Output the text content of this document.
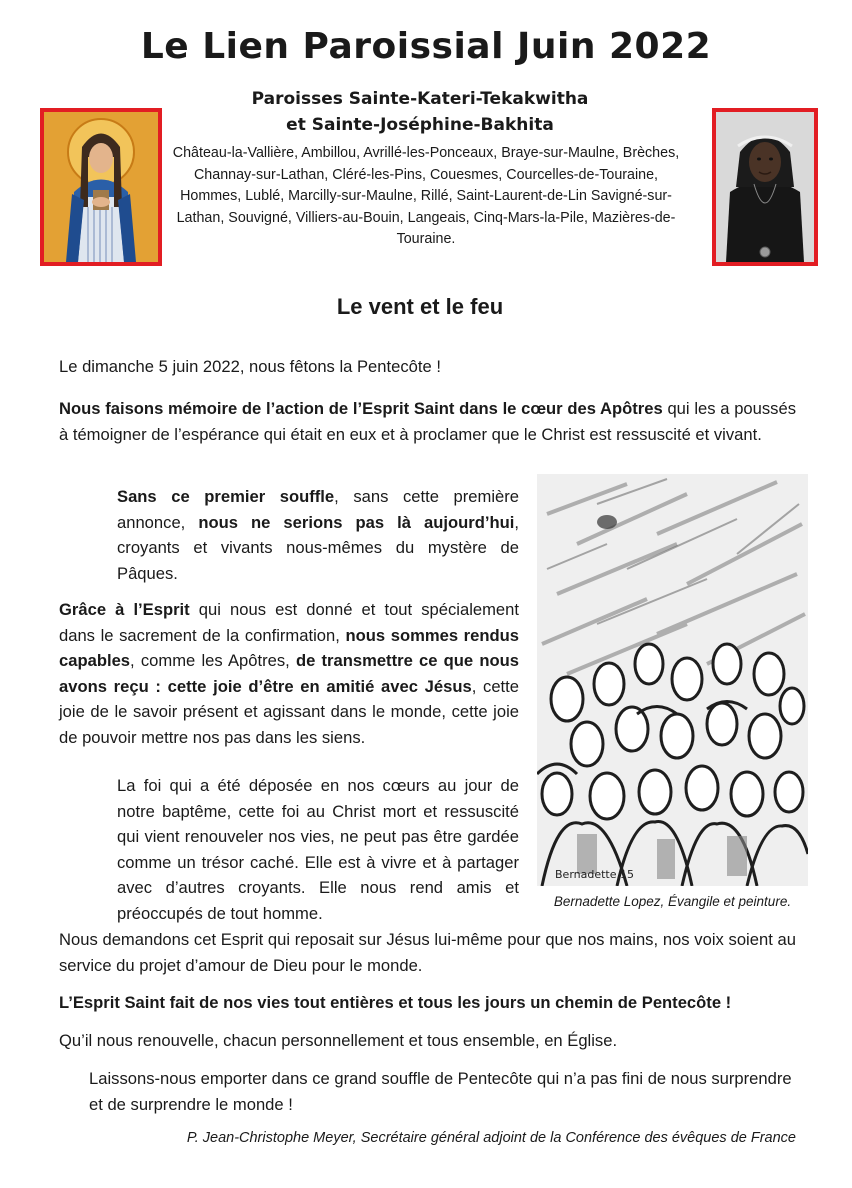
Le Lien Paroissial Juin 2022
Paroisses Sainte-Kateri-Tekakwitha
et Sainte-Joséphine-Bakhita
Château-la-Vallière, Ambillou, Avrillé-les-Ponceaux, Braye-sur-Maulne, Brèches, Channay-sur-Lathan, Cléré-les-Pins, Couesmes, Courcelles-de-Touraine, Hommes, Lublé, Marcilly-sur-Maulne, Rillé, Saint-Laurent-de-Lin Savigné-sur-Lathan, Souvigné, Villiers-au-Bouin, Langeais, Cinq-Mars-la-Pile, Mazières-de-Touraine.
Le vent et le feu

Le dimanche 5 juin 2022, nous fêtons la Pentecôte !

Nous faisons mémoire de l’action de l’Esprit Saint dans le cœur des Apôtres qui les a poussés à témoigner de l’espérance qui était en eux et à proclamer que le Christ est ressuscité et vivant.

Sans ce premier souffle, sans cette première annonce, nous ne serions pas là aujourd’hui, croyants et vivants nous-mêmes du mystère de Pâques.

Grâce à l’Esprit qui nous est donné et tout spécialement dans le sacrement de la confirmation, nous sommes rendus capables, comme les Apôtres, de transmettre ce que nous avons reçu : cette joie d’être en amitié avec Jésus, cette joie de le savoir présent et agissant dans le monde, cette joie de pouvoir mettre nos pas dans les siens.

La foi qui a été déposée en nos cœurs au jour de notre baptême, cette foi au Christ mort et ressuscité qui vient renouveler nos vies, ne peut pas être gardée comme un trésor caché. Elle est à vivre et à partager avec d’autres croyants. Elle nous rend amis et préoccupés de tout homme.

Bernadette 15
Bernadette Lopez, Évangile et peinture.

Nous demandons cet Esprit qui reposait sur Jésus lui-même pour que nos mains, nos voix soient au service du projet d’amour de Dieu pour le monde.

L’Esprit Saint fait de nos vies tout entières et tous les jours un chemin de Pentecôte !

Qu’il nous renouvelle, chacun personnellement et tous ensemble, en Église.

Laissons-nous emporter dans ce grand souffle de Pentecôte qui n’a pas fini de nous surprendre et de surprendre le monde !

P. Jean-Christophe Meyer, Secrétaire général adjoint de la Conférence des évêques de France
